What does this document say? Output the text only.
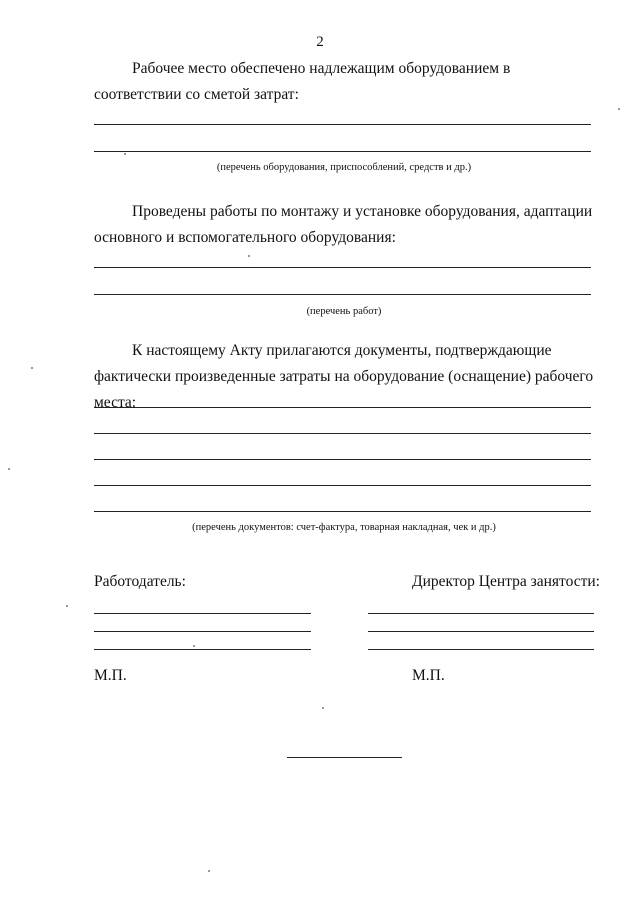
2

Рабочее место обеспечено надлежащим оборудованием в соответствии со сметой затрат:

(перечень оборудования, приспособлений, средств и др.)

Проведены работы по монтажу и установке оборудования, адаптации основного и вспомогательного оборудования:

(перечень работ)

К настоящему Акту прилагаются документы, подтверждающие фактически произведенные затраты на оборудование (оснащение) рабочего места:

(перечень документов: счет-фактура, товарная накладная, чек и др.)
Работодатель:	Директор Центра занятости:
М.П.	М.П.
